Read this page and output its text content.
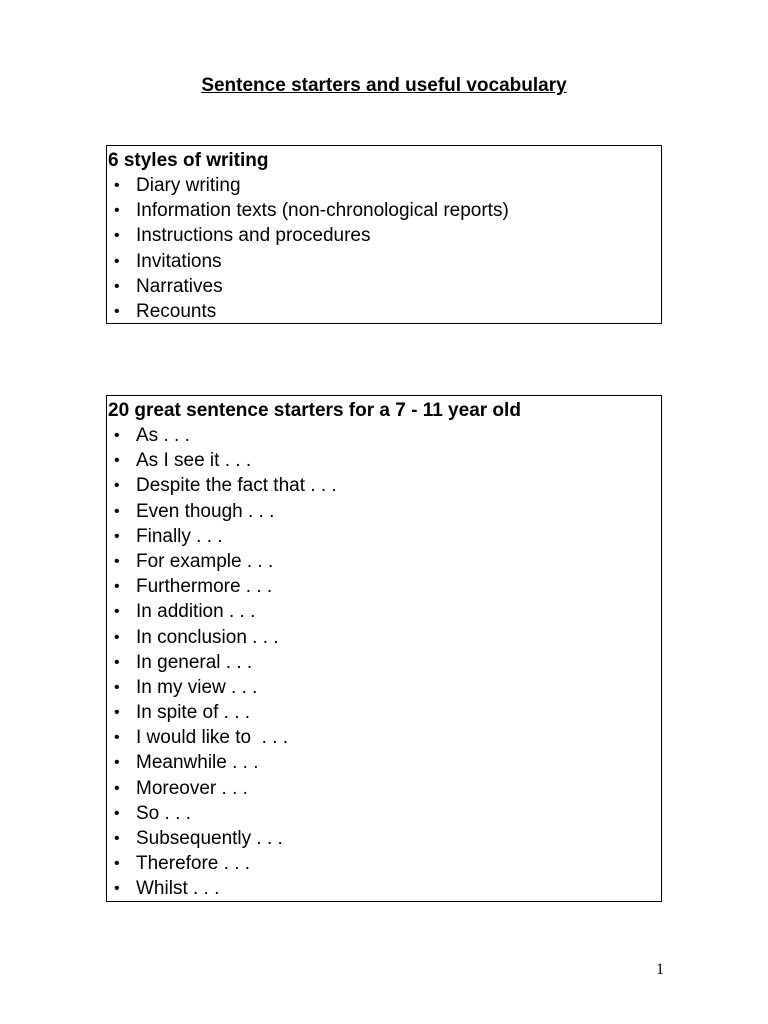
Sentence starters and useful vocabulary
6 styles of writing
• Diary writing
• Information texts (non-chronological reports)
• Instructions and procedures
• Invitations
• Narratives
• Recounts
20 great sentence starters for a 7 - 11 year old
• As . . .
• As I see it . . .
• Despite the fact that . . .
• Even though . . .
• Finally . . .
• For example . . .
• Furthermore . . .
• In addition . . .
• In conclusion . . .
• In general . . .
• In my view . . .
• In spite of . . .
• I would like to  . . .
• Meanwhile . . .
• Moreover . . .
• So . . .
• Subsequently . . .
• Therefore . . .
• Whilst . . .
1
